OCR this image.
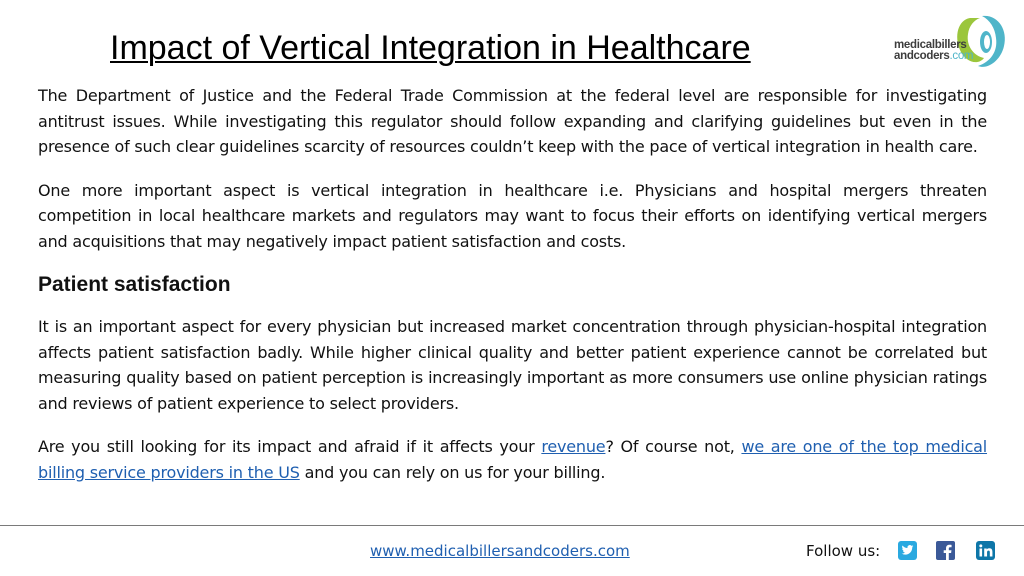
Impact of Vertical Integration in Healthcare	medicalbillers
andcoders.com

The Department of Justice and the Federal Trade Commission at the federal level are responsible for investigating antitrust issues. While investigating this regulator should follow expanding and clarifying guidelines but even in the presence of such clear guidelines scarcity of resources couldn’t keep with the pace of vertical integration in health care.

One more important aspect is vertical integration in healthcare i.e. Physicians and hospital mergers threaten competition in local healthcare markets and regulators may want to focus their efforts on identifying vertical mergers and acquisitions that may negatively impact patient satisfaction and costs.

Patient satisfaction

It is an important aspect for every physician but increased market concentration through physician-hospital integration affects patient satisfaction badly. While higher clinical quality and better patient experience cannot be correlated but measuring quality based on patient perception is increasingly important as more consumers use online physician ratings and reviews of patient experience to select providers.

Are you still looking for its impact and afraid if it affects your revenue? Of course not, we are one of the top medical billing service providers in the US and you can rely on us for your billing.

www.medicalbillersandcoders.com	Follow us:
